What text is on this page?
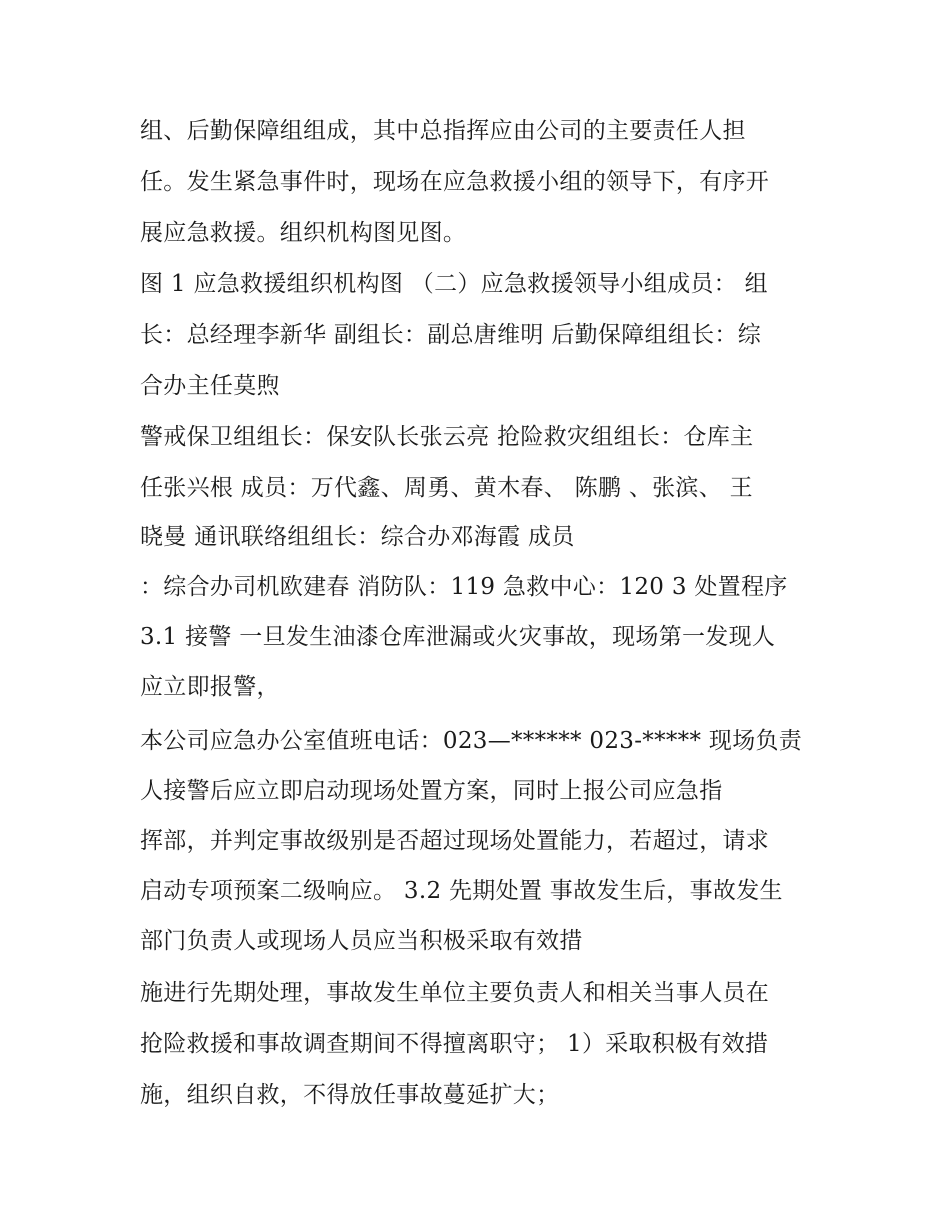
组、后勤保障组组成，其中总指挥应由公司的主要责任人担
任。发生紧急事件时，现场在应急救援小组的领导下，有序开
展应急救援。组织机构图见图。
图 1 应急救援组织机构图 （二）应急救援领导小组成员： 组
长：总经理李新华 副组长：副总唐维明 后勤保障组组长：综
合办主任莫煦
警戒保卫组组长：保安队长张云亮 抢险救灾组组长：仓库主
任张兴根 成员：万代鑫、周勇、黄木春、 陈鹏 、张滨、 王
晓曼 通讯联络组组长：综合办邓海霞 成员
：综合办司机欧建春 消防队：119 急救中心：120 3 处置程序
3.1 接警 一旦发生油漆仓库泄漏或火灾事故，现场第一发现人
应立即报警，
本公司应急办公室值班电话：023—****** 023-***** 现场负责
人接警后应立即启动现场处置方案，同时上报公司应急指
挥部，并判定事故级别是否超过现场处置能力，若超过，请求
启动专项预案二级响应。 3.2 先期处置 事故发生后，事故发生
部门负责人或现场人员应当积极采取有效措
施进行先期处理，事故发生单位主要负责人和相关当事人员在
抢险救援和事故调查期间不得擅离职守； 1）采取积极有效措
施，组织自救，不得放任事故蔓延扩大；
